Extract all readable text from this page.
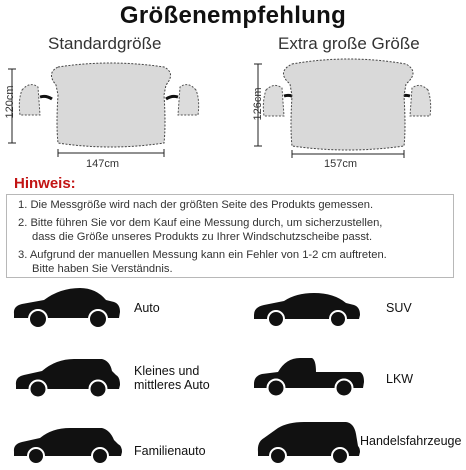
Größenempfehlung
Standardgröße
120cm
147cm
Extra große Größe
126cm
157cm
Hinweis:
1. Die Messgröße wird nach der größten Seite des Produkts gemessen.
2. Bitte führen Sie vor dem Kauf eine Messung durch, um sicherzustellen,
dass die Größe unseres Produkts zu Ihrer Windschutzscheibe passt.
3. Aufgrund der manuellen Messung kann ein Fehler von 1-2 cm auftreten.
Bitte haben Sie Verständnis.
Auto	SUV
Kleines und
mittleres Auto	LKW
Familienauto
Handelsfahrzeuge
